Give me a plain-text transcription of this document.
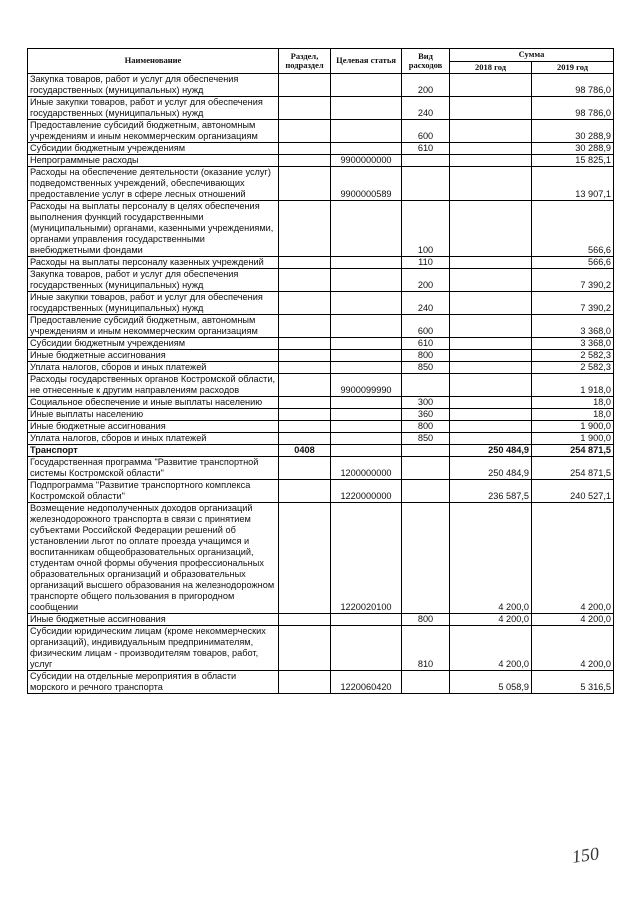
Наименование	Раздел, подраздел	Целевая статья	Вид расходов	Сумма	
				2018 год	2019 год
Закупка товаров, работ и услуг для обеспечения государственных (муниципальных) нужд			200		98 786,0
Иные закупки товаров, работ и услуг для обеспечения государственных (муниципальных) нужд			240		98 786,0
Предоставление субсидий бюджетным, автономным учреждениям и иным некоммерческим организациям			600		30 288,9
Субсидии бюджетным учреждениям			610		30 288,9
Непрограммные расходы		9900000000			15 825,1
Расходы на обеспечение деятельности (оказание услуг) подведомственных учреждений, обеспечивающих предоставление услуг в сфере лесных отношений		9900000589			13 907,1
Расходы на выплаты персоналу в целях обеспечения выполнения функций государственными (муниципальными) органами, казенными учреждениями, органами управления государственными внебюджетными фондами			100		566,6
Расходы на выплаты персоналу казенных учреждений			110		566,6
Закупка товаров, работ и услуг для обеспечения государственных (муниципальных) нужд			200		7 390,2
Иные закупки товаров, работ и услуг для обеспечения государственных (муниципальных) нужд			240		7 390,2
Предоставление субсидий бюджетным, автономным учреждениям и иным некоммерческим организациям			600		3 368,0
Субсидии бюджетным учреждениям			610		3 368,0
Иные бюджетные ассигнования			800		2 582,3
Уплата налогов, сборов и иных платежей			850		2 582,3
Расходы государственных органов Костромской области, не отнесенные к другим направлениям расходов		9900099990			1 918,0
Социальное обеспечение и иные выплаты населению			300		18,0
Иные выплаты населению			360		18,0
Иные бюджетные ассигнования			800		1 900,0
Уплата налогов, сборов и иных платежей			850		1 900,0
Транспорт	0408			250 484,9	254 871,5
Государственная программа "Развитие транспортной системы Костромской области"		1200000000		250 484,9	254 871,5
Подпрограмма "Развитие транспортного комплекса Костромской области"		1220000000		236 587,5	240 527,1
Возмещение недополученных доходов организаций железнодорожного транспорта в связи с принятием субъектами Российской Федерации решений об установлении льгот по оплате проезда учащимся и воспитанникам общеобразовательных организаций, студентам очной формы обучения профессиональных образовательных организаций и образовательных организаций высшего образования на железнодорожном транспорте общего пользования в пригородном сообщении		1220020100		4 200,0	4 200,0
Иные бюджетные ассигнования			800	4 200,0	4 200,0
Субсидии юридическим лицам (кроме некоммерческих организаций), индивидуальным предпринимателям, физическим лицам - производителям товаров, работ, услуг			810	4 200,0	4 200,0
Субсидии на отдельные мероприятия в области морского и речного транспорта		1220060420		5 058,9	5 316,5
150
